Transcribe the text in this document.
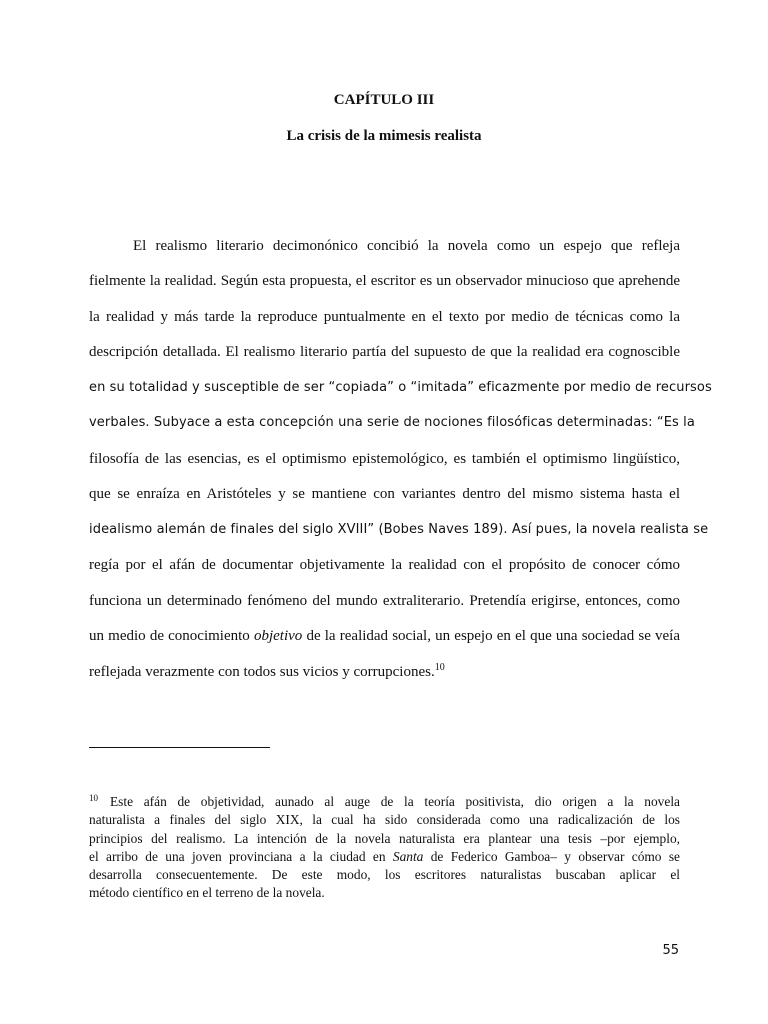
CAPÍTULO III

La crisis de la mimesis realista

El realismo literario decimonónico concibió la novela como un espejo que refleja
fielmente la realidad. Según esta propuesta, el escritor es un observador minucioso que aprehende
la realidad y más tarde la reproduce puntualmente en el texto por medio de técnicas como la
descripción detallada. El realismo literario partía del supuesto de que la realidad era cognoscible
en su totalidad y susceptible de ser “copiada” o “imitada” eficazmente por medio de recursos
verbales. Subyace a esta concepción una serie de nociones filosóficas determinadas: “Es la
filosofía de las esencias, es el optimismo epistemológico, es también el optimismo lingüístico,
que se enraíza en Aristóteles y se mantiene con variantes dentro del mismo sistema hasta el
idealismo alemán de finales del siglo XVIII” (Bobes Naves 189). Así pues, la novela realista se
regía por el afán de documentar objetivamente la realidad con el propósito de conocer cómo
funciona un determinado fenómeno del mundo extraliterario. Pretendía erigirse, entonces, como
un medio de conocimiento objetivo de la realidad social, un espejo en el que una sociedad se veía
reflejada verazmente con todos sus vicios y corrupciones.$^{10}$
$^{10}$ Este afán de objetividad, aunado al auge de la teoría positivista, dio origen a la novela
naturalista a finales del siglo XIX, la cual ha sido considerada como una radicalización de los
principios del realismo. La intención de la novela naturalista era plantear una tesis –por ejemplo,
el arribo de una joven provinciana a la ciudad en Santa de Federico Gamboa– y observar cómo se
desarrolla consecuentemente. De este modo, los escritores naturalistas buscaban aplicar el
método científico en el terreno de la novela.

55
